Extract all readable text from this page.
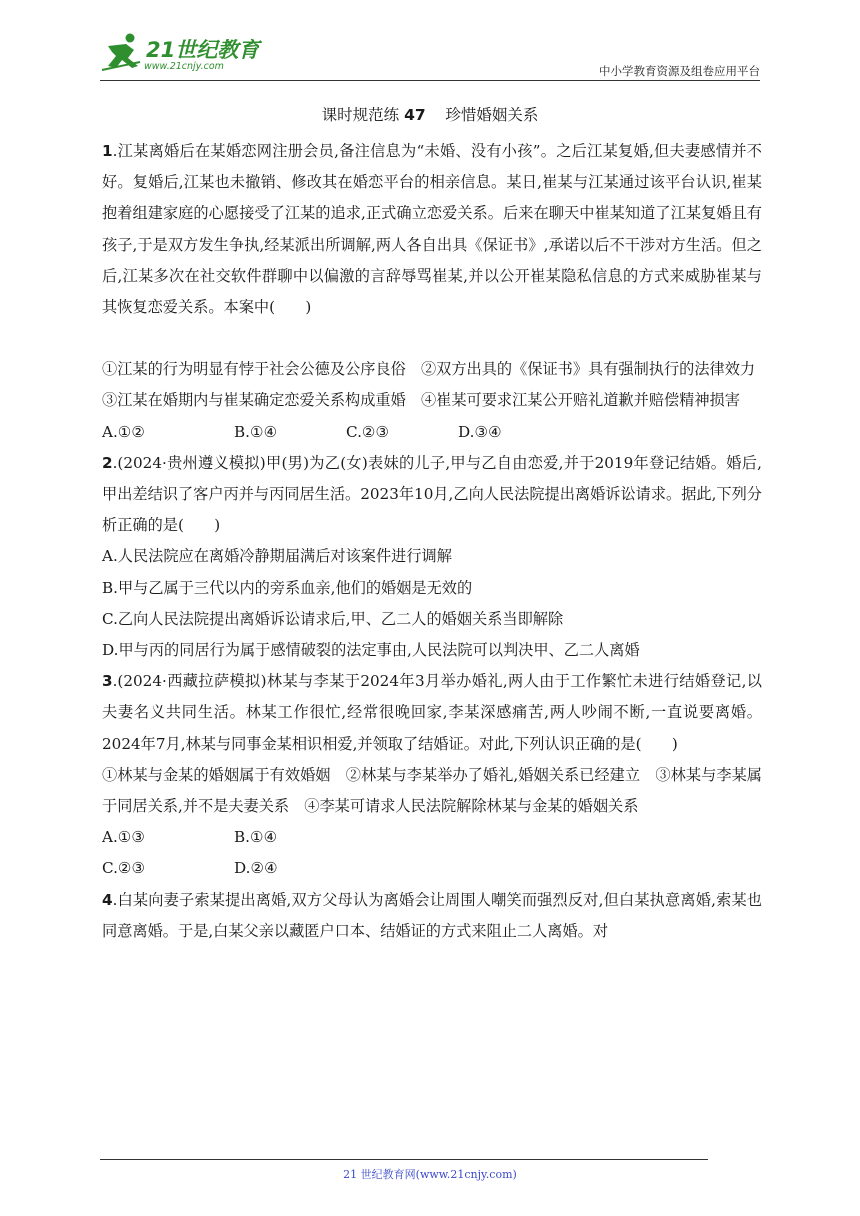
21世纪教育
www.21cnjy.com	中小学教育资源及组卷应用平台
课时规范练 47 珍惜婚姻关系

1.江某离婚后在某婚恋网注册会员,备注信息为“未婚、没有小孩”。之后江某复婚,但夫妻感情并不好。复婚后,江某也未撤销、修改其在婚恋平台的相亲信息。某日,崔某与江某通过该平台认识,崔某抱着组建家庭的心愿接受了江某的追求,正式确立恋爱关系。后来在聊天中崔某知道了江某复婚且有孩子,于是双方发生争执,经某派出所调解,两人各自出具《保证书》,承诺以后不干涉对方生活。但之后,江某多次在社交软件群聊中以偏激的言辞辱骂崔某,并以公开崔某隐私信息的方式来威胁崔某与其恢复恋爱关系。本案中(　　)

①江某的行为明显有悖于社会公德及公序良俗　②双方出具的《保证书》具有强制执行的法律效力

③江某在婚期内与崔某确定恋爱关系构成重婚　④崔某可要求江某公开赔礼道歉并赔偿精神损害

A.①②	B.①④	C.②③	D.③④

2.(2024·贵州遵义模拟)甲(男)为乙(女)表妹的儿子,甲与乙自由恋爱,并于2019年登记结婚。婚后,甲出差结识了客户丙并与丙同居生活。2023年10月,乙向人民法院提出离婚诉讼请求。据此,下列分析正确的是(　　)

A.人民法院应在离婚冷静期届满后对该案件进行调解

B.甲与乙属于三代以内的旁系血亲,他们的婚姻是无效的

C.乙向人民法院提出离婚诉讼请求后,甲、乙二人的婚姻关系当即解除

D.甲与丙的同居行为属于感情破裂的法定事由,人民法院可以判决甲、乙二人离婚

3.(2024·西藏拉萨模拟)林某与李某于2024年3月举办婚礼,两人由于工作繁忙未进行结婚登记,以夫妻名义共同生活。林某工作很忙,经常很晚回家,李某深感痛苦,两人吵闹不断,一直说要离婚。2024年7月,林某与同事金某相识相爱,并领取了结婚证。对此,下列认识正确的是(　　)

①林某与金某的婚姻属于有效婚姻　②林某与李某举办了婚礼,婚姻关系已经建立　③林某与李某属于同居关系,并不是夫妻关系　④李某可请求人民法院解除林某与金某的婚姻关系

A.①③	B.①④
C.②③	D.②④

4.白某向妻子索某提出离婚,双方父母认为离婚会让周围人嘲笑而强烈反对,但白某执意离婚,索某也同意离婚。于是,白某父亲以藏匿户口本、结婚证的方式来阻止二人离婚。对

21 世纪教育网(www.21cnjy.com)
